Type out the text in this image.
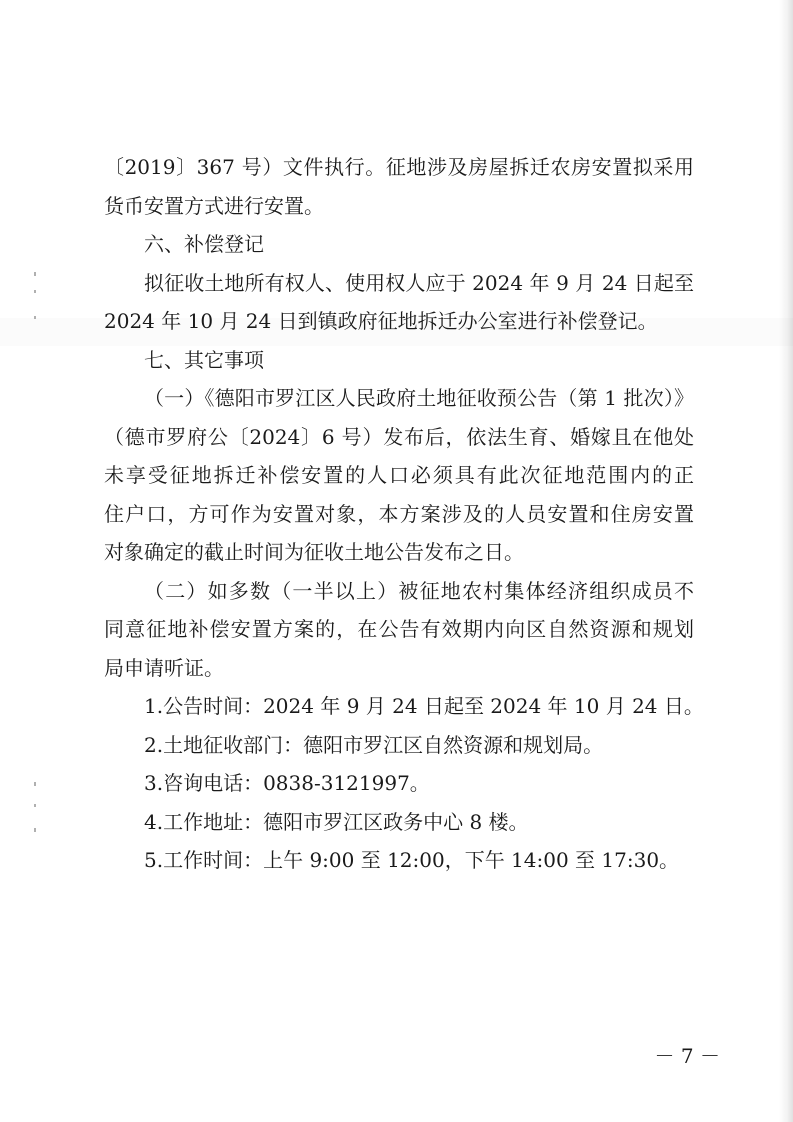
〔2019〕367 号）文件执行。征地涉及房屋拆迁农房安置拟采用
货币安置方式进行安置。
六、补偿登记
拟征收土地所有权人、使用权人应于 2024 年 9 月 24 日起至
2024 年 10 月 24 日到镇政府征地拆迁办公室进行补偿登记。
七、其它事项
（一）《德阳市罗江区人民政府土地征收预公告（第 1 批次）》
（德市罗府公〔2024〕6 号）发布后，依法生育、婚嫁且在他处
未享受征地拆迁补偿安置的人口必须具有此次征地范围内的正
住户口，方可作为安置对象，本方案涉及的人员安置和住房安置
对象确定的截止时间为征收土地公告发布之日。
（二）如多数（一半以上）被征地农村集体经济组织成员不
同意征地补偿安置方案的，在公告有效期内向区自然资源和规划
局申请听证。
1.公告时间：2024 年 9 月 24 日起至 2024 年 10 月 24 日。
2.土地征收部门：德阳市罗江区自然资源和规划局。
3.咨询电话：0838-3121997。
4.工作地址：德阳市罗江区政务中心 8 楼。
5.工作时间：上午 9:00 至 12:00，下午 14:00 至 17:30。
－ 7 －
